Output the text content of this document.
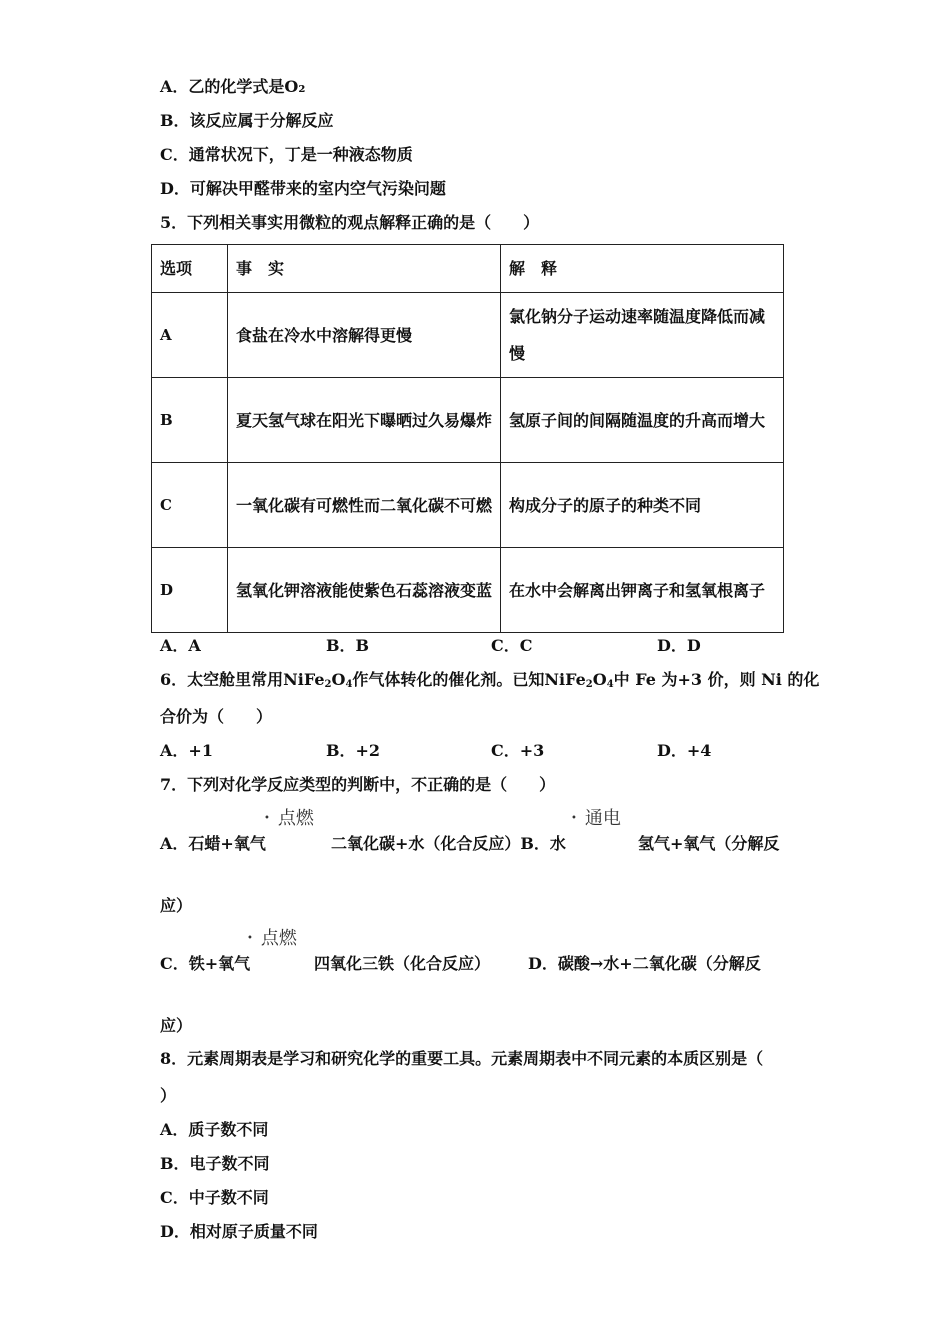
A．乙的化学式是O₂
B．该反应属于分解反应
C．通常状况下，丁是一种液态物质
D．可解决甲醛带来的室内空气污染问题
5．下列相关事实用微粒的观点解释正确的是（　　）
选项	事　实	解　释
A	食盐在冷水中溶解得更慢	氯化钠分子运动速率随温度降低而减慢
B	夏天氢气球在阳光下曝晒过久易爆炸	氢原子间的间隔随温度的升高而增大
C	一氧化碳有可燃性而二氧化碳不可燃	构成分子的原子的种类不同
D	氢氧化钾溶液能使紫色石蕊溶液变蓝	在水中会解离出钾离子和氢氧根离子
A．A	B．B	C．C	D．D
6．太空舱里常用$NiFe_2O_4$作气体转化的催化剂。已知$NiFe_2O_4$中 Fe 为+3 价，则 Ni 的化
合价为（　　）
A．+1	B．+2	C．+3	D．+4
7．下列对化学反应类型的判断中，不正确的是（　　）
• 点燃	• 通电
A．石蜡+氧气	二氧化碳+水（化合反应）B．水	氢气+氧气（分解反
应）
• 点燃
C．铁+氧气	四氧化三铁（化合反应） D．碳酸→水+二氧化碳（分解反
应）
8．元素周期表是学习和研究化学的重要工具。元素周期表中不同元素的本质区别是（
）
A．质子数不同
B．电子数不同
C．中子数不同
D．相对原子质量不同
